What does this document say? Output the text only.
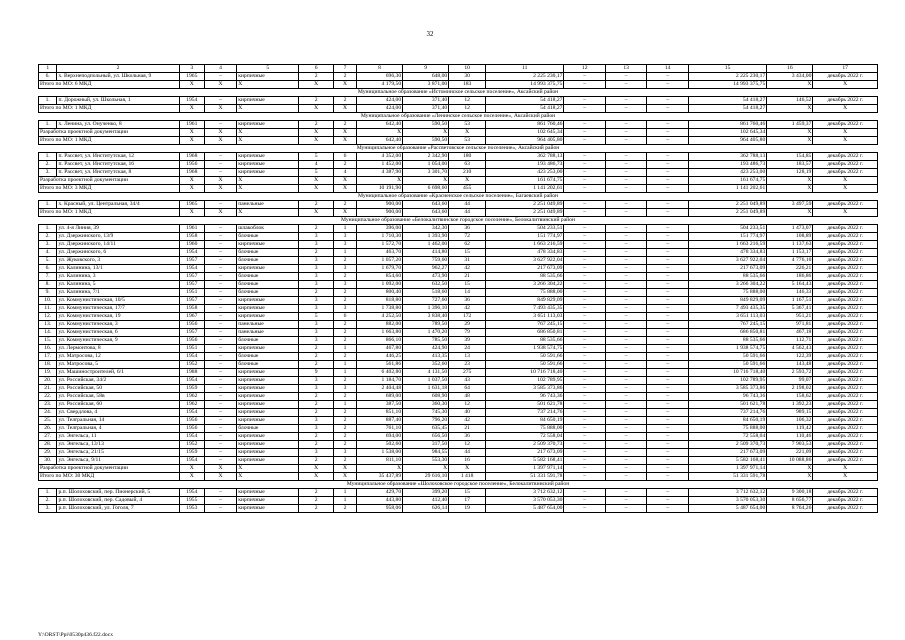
32
1	2	3	4	5	6	7	8	9	10	11	12	13	14	15	16	17
6.	х. Верхнеподпольный, ул. Школьная, 9	1965	–	кирпичные	2	2	696,30	648,00	30	2 225 230,17	–	–	–	2 225 230,17	3 434,00	декабрь 2022 г.
Итого по МО: 6 МКД		X	X	X	X	X	4 179,50	3 871,00	183	14 993 375,75	–	–	–	14 993 375,75	X	X
Муниципальное образование «Истоминское сельское поселение», Аксайский район																
1.	п. Дорожный, ул. Школьная, 1	1954	–	кирпичные	2	2	424,00	371,40	12	54 418,27	–	–	–	54 418,27	146,52	декабрь 2022 г.
Итого по МО: 1 МКД		X	X	X	X	X	424,00	371,40	12	54 418,27	–	–	–	54 418,27	X	X
Муниципальное образование «Ленинское сельское поселение», Аксайский район																
1.	х. Ленина, ул. Онученко, 8	1961	–	кирпичные	2	2	642,40	590,50	53	861 760,46	–	–	–	861 760,46	1 459,37	декабрь 2022 г.
Разработка проектной документации		X	X	X	X	X	X	X	X	102 645,34	–	–	–	102 645,34	X	X
Итого по МО: 1 МКД		X	X	X	X	X	642,40	590,50	53	964 405,80	–	–	–	964 405,80	X	X
Муниципальное образование «Рассветовское сельское поселение», Аксайский район																
1.	п. Рассвет, ул. Институтская, 12	1968	–	кирпичные	5	6	4 352,00	2 342,90	180	362 788,13	–	–	–	362 788,13	154,85	декабрь 2022 г.
2.	п. Рассвет, ул. Институтская, 16	1956	–	кирпичные	4	2	1 452,00	1 054,00	63	193 486,73	–	–	–	193 486,73	183,57	декабрь 2022 г.
3.	п. Рассвет, ул. Институтская, 8	1968	–	кирпичные	5	4	4 387,90	3 301,70	210	423 253,00	–	–	–	423 253,00	128,19	декабрь 2022 г.
Разработка проектной документации		X	X	X	X	X	X	X	X	161 674,75	–	–	–	161 674,75	X	X
Итого по МО: 3 МКД		X	X	X	X	X	10 191,90	6 698,60	455	1 141 202,61	–	–	–	1 141 202,61	X	X
Муниципальное образование «Красненское сельское поселение», Багаевский район																
1.	х. Красный, ул. Центральная, 34/4	1965	–	панельные	2	2	900,00	643,60	44	2 251 049,89	–	–	–	2 251 049,89	3 497,59	декабрь 2022 г.
Итого по МО: 1 МКД		X	X	X	X	X	900,00	643,60	44	2 251 049,89	–	–	–	2 251 049,89	X	X
Муниципальное образование «Белокалитвинское городское поселение», Белокалитвинский район																
1.	ул. 4-я Линия, 39	1961	–	шлакоблок	2	1	396,00	342,30	36	504 233,51	–	–	–	504 233,51	1 473,07	декабрь 2022 г.
2.	ул. Дзержинского, 13/9	1958	–	блочные	3	3	1 710,30	1 393,90	72	151 774,97	–	–	–	151 774,97	108,89	декабрь 2022 г.
3.	ул. Дзержинского, 14/11	1960	–	кирпичные	3	3	1 572,70	1 462,00	62	1 663 216,59	–	–	–	1 663 216,59	1 137,63	декабрь 2022 г.
4.	ул. Дзержинского, 6	1954	–	блочные	2	1	463,70	414,80	15	478 334,83	–	–	–	478 334,83	1 153,17	декабрь 2022 г.
5.	ул. Жуковского, 3	1957	–	блочные	3	2	1 057,20	759,60	31	3 627 922,04	–	–	–	3 627 922,04	4 776,10	декабрь 2022 г.
6.	ул. Калинина, 13/1	1954	–	кирпичные	3	3	1 679,70	962,27	42	217 673,09	–	–	–	217 673,09	226,21	декабрь 2022 г.
7.	ул. Калинина, 3	1957	–	блочные	3	2	854,60	473,90	21	88 535,66	–	–	–	88 535,66	186,86	декабрь 2022 г.
8.	ул. Калинина, 5	1957	–	блочные	3	3	1 092,00	632,50	15	3 266 304,22	–	–	–	3 266 304,22	5 164,43	декабрь 2022 г.
9.	ул. Калинина, 7/1	1951	–	блочные	2	2	800,40	518,60	14	75 888,00	–	–	–	75 888,00	146,33	декабрь 2022 г.
10.	ул. Коммунистическая, 10/5	1957	–	кирпичные	3	2	818,80	727,60	36	849 829,09	–	–	–	849 829,09	1 167,51	декабрь 2022 г.
11.	ул. Коммунистическая, 17/7	1958	–	кирпичные	3	3	1 738,80	1 396,10	42	7 493 435,35	–	–	–	7 493 435,35	5 367,41	декабрь 2022 г.
12.	ул. Коммунистическая, 19	1967	–	кирпичные	5	6	4 252,50	3 838,40	172	3 651 113,03	–	–	–	3 651 113,03	951,21	декабрь 2022 г.
13.	ул. Коммунистическая, 3	1956	–	панельные	3	2	882,00	789,50	29	767 245,15	–	–	–	767 245,15	971,81	декабрь 2022 г.
14.	ул. Коммунистическая, 6	1957	–	панельные	3	2	1 663,80	1 470,20	79	686 850,81	–	–	–	686 850,81	467,18	декабрь 2022 г.
15.	ул. Коммунистическая, 9	1956	–	блочные	3	2	866,10	785,50	39	88 535,66	–	–	–	88 535,66	112,71	декабрь 2022 г.
16.	ул. Лермонтова, 8	1951	–	кирпичные	2	1	467,80	424,90	24	1 938 574,75	–	–	–	1 938 574,75	4 562,43	декабрь 2022 г.
17.	ул. Матросова, 12	1954	–	блочные	2	2	446,25	413,35	13	50 591,66	–	–	–	50 591,66	122,39	декабрь 2022 г.
18.	ул. Матросова, 5	1952	–	блочные	2	1	561,86	352,60	23	50 591,66	–	–	–	50 591,66	143,48	декабрь 2022 г.
19.	ул. Машиностроителей, 6/1	1988	–	кирпичные	9	1	6 402,80	4 131,50	275	10 716 718,40	–	–	–	10 716 718,40	2 593,72	декабрь 2022 г.
20.	ул. Российская, 34/2	1954	–	кирпичные	3	2	1 184,70	1 037,50	43	102 789,95	–	–	–	102 789,95	99,07	декабрь 2022 г.
21.	ул. Российская, 50	1959	–	кирпичные	3	3	2 404,48	1 631,18	64	3 585 373,86	–	–	–	3 585 373,86	2 198,02	декабрь 2022 г.
22.	ул. Российская, 58в	1962	–	кирпичные	2	2	689,00	608,90	48	96 743,36	–	–	–	96 743,36	158,62	декабрь 2022 г.
23.	ул. Российская, 60	1962	–	кирпичные	2	1	387,50	360,30	12	501 621,78	–	–	–	501 621,78	1 392,23	декабрь 2022 г.
24.	ул. Свердлова, 4	1954	–	кирпичные	2	2	851,10	745,30	40	737 214,76	–	–	–	737 214,76	989,15	декабрь 2022 г.
25.	ул. Театральная, 14	1956	–	кирпичные	3	2	887,40	796,20	42	84 650,19	–	–	–	84 650,19	106,32	декабрь 2022 г.
26.	ул. Театральная, 4	1956	–	блочные	3	2	761,10	635,45	21	75 888,00	–	–	–	75 888,00	119,42	декабрь 2022 г.
27.	ул. Энгельса, 11	1954	–	кирпичные	2	2	694,00	656,50	36	72 558,04	–	–	–	72 558,04	110,46	декабрь 2022 г.
28.	ул. Энгельса, 13/13	1952	–	кирпичные	2	2	502,60	317,50	12	2 509 370,73	–	–	–	2 509 370,73	7 903,53	декабрь 2022 г.
29.	ул. Энгельса, 21/15	1959	–	кирпичные	3	3	1 538,00	984,55	44	217 673,09	–	–	–	217 673,09	221,09	декабрь 2022 г.
30.	ул. Энгельса, 9/11	1954	–	кирпичные	2	2	811,10	553,30	16	5 582 168,41	–	–	–	5 582 168,41	10 088,86	декабрь 2022 г.
Разработка проектной документации		X	X	X	X	X	X	X	X	1 397 971,14	–	–	–	1 397 971,14	X	X
Итого по МО: 30 МКД		X	X	X	X	X	35 437,89	29 616,10	1 418	51 331 591,78	–	–	–	51 331 591,78	X	X
Муниципальное образование «Шолоховское городское поселение», Белокалитвинский район																
1.	р.п. Шолоховский, пер. Пионерский, 5	1954	–	кирпичные	2	1	429,70	399,20	15	3 712 632,12	–	–	–	3 712 632,12	9 300,18	декабрь 2022 г.
2.	р.п. Шолоховский, пер. Садовый, 4	1955	–	кирпичные	2	1	443,80	412,40	17	3 570 053,30	–	–	–	3 570 053,30	8 656,77	декабрь 2022 г.
3.	р.п. Шолоховский, ул. Гоголя, 7	1953	–	кирпичные	2	2	958,06	626,14	19	5 487 654,00	–	–	–	5 487 654,00	8 764,26	декабрь 2022 г.
Y:\ORST\Ppi\0530p436.f22.docx
